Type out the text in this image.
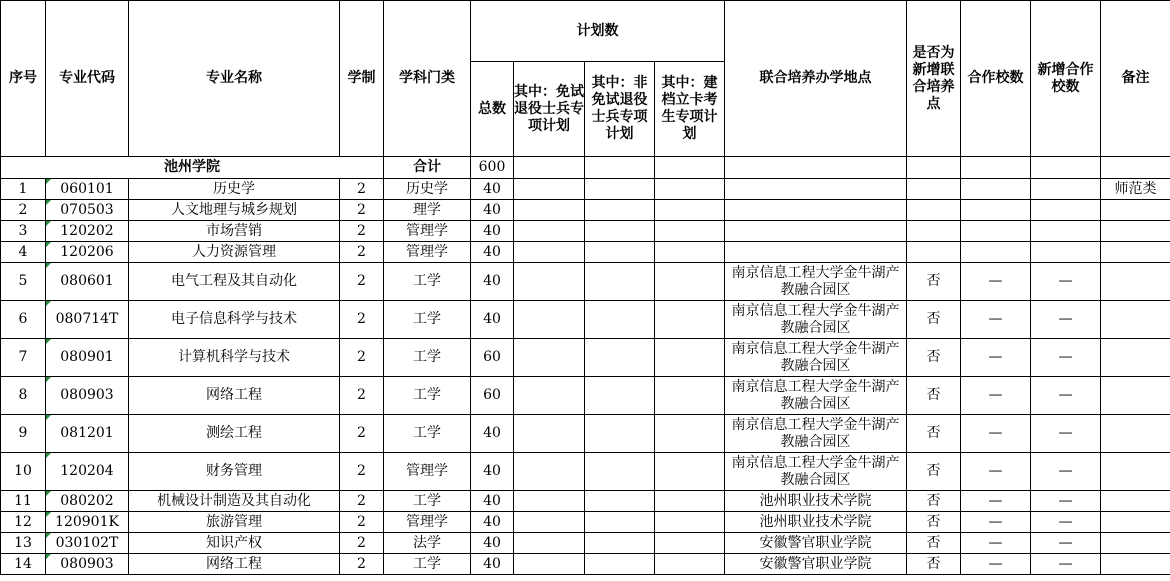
序号	专业代码	专业名称	学制	学科门类	计划数				联合培养办学地点	是否为新增联合培养点	合作校数	新增合作校数	备注
					总数	其中：免试退役士兵专项计划	其中：非免试退役士兵专项计划	其中：建档立卡考生专项计划					
池州学院				合计	600								
1	060101	历史学	2	历史学	40								师范类
2	070503	人文地理与城乡规划	2	理学	40								
3	120202	市场营销	2	管理学	40								
4	120206	人力资源管理	2	管理学	40								
5	080601	电气工程及其自动化	2	工学	40				南京信息工程大学金牛湖产教融合园区	否	—	—	
6	080714T	电子信息科学与技术	2	工学	40				南京信息工程大学金牛湖产教融合园区	否	—	—	
7	080901	计算机科学与技术	2	工学	60				南京信息工程大学金牛湖产教融合园区	否	—	—	
8	080903	网络工程	2	工学	60				南京信息工程大学金牛湖产教融合园区	否	—	—	
9	081201	测绘工程	2	工学	40				南京信息工程大学金牛湖产教融合园区	否	—	—	
10	120204	财务管理	2	管理学	40				南京信息工程大学金牛湖产教融合园区	否	—	—	
11	080202	机械设计制造及其自动化	2	工学	40				池州职业技术学院	否	—	—	
12	120901K	旅游管理	2	管理学	40				池州职业技术学院	否	—	—	
13	030102T	知识产权	2	法学	40				安徽警官职业学院	否	—	—	
14	080903	网络工程	2	工学	40				安徽警官职业学院	否	—	—	
